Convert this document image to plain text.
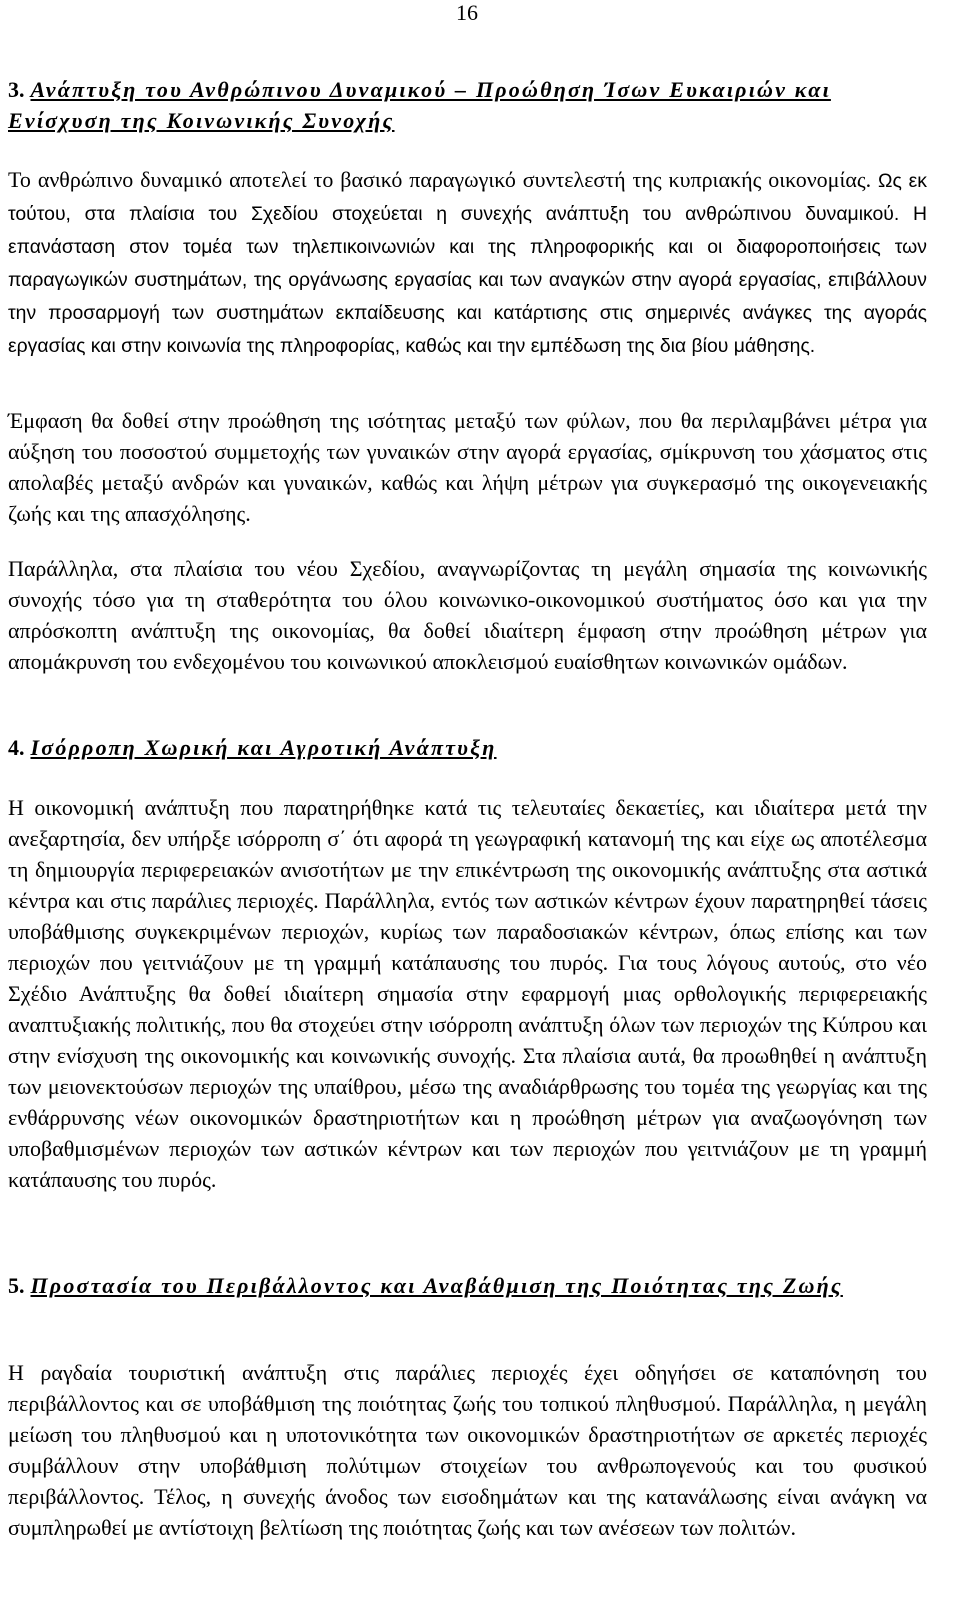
16
3. Ανάπτυξη του Ανθρώπινου Δυναμικού – Προώθηση Ίσων Ευκαιριών και Ενίσχυση της Κοινωνικής Συνοχής

Το ανθρώπινο δυναμικό αποτελεί το βασικό παραγωγικό συντελεστή της κυπριακής οικονομίας. Ως εκ τούτου, στα πλαίσια του Σχεδίου στοχεύεται η συνεχής ανάπτυξη του ανθρώπινου δυναμικού. Η επανάσταση στον τομέα των τηλεπικοινωνιών και της πληροφορικής και οι διαφοροποιήσεις των παραγωγικών συστημάτων, της οργάνωσης εργασίας και των αναγκών στην αγορά εργασίας, επιβάλλουν την προσαρμογή των συστημάτων εκπαίδευσης και κατάρτισης στις σημερινές ανάγκες της αγοράς εργασίας και στην κοινωνία της πληροφορίας, καθώς και την εμπέδωση της δια βίου μάθησης.

Έμφαση θα δοθεί στην προώθηση της ισότητας μεταξύ των φύλων, που θα περιλαμβάνει μέτρα για αύξηση του ποσοστού συμμετοχής των γυναικών στην αγορά εργασίας, σμίκρυνση του χάσματος στις απολαβές μεταξύ ανδρών και γυναικών, καθώς και λήψη μέτρων για συγκερασμό της οικογενειακής ζωής και της απασχόλησης.

Παράλληλα, στα πλαίσια του νέου Σχεδίου, αναγνωρίζοντας τη μεγάλη σημασία της κοινωνικής συνοχής τόσο για τη σταθερότητα του όλου κοινωνικο-οικονομικού συστήματος όσο και για την απρόσκοπτη ανάπτυξη της οικονομίας, θα δοθεί ιδιαίτερη έμφαση στην προώθηση μέτρων για απομάκρυνση του ενδεχομένου του κοινωνικού αποκλεισμού ευαίσθητων κοινωνικών ομάδων.

4. Ισόρροπη Χωρική και Αγροτική Ανάπτυξη

Η οικονομική ανάπτυξη που παρατηρήθηκε κατά τις τελευταίες δεκαετίες, και ιδιαίτερα μετά την ανεξαρτησία, δεν υπήρξε ισόρροπη σ΄ ότι αφορά τη γεωγραφική κατανομή της και είχε ως αποτέλεσμα τη δημιουργία περιφερειακών ανισοτήτων με την επικέντρωση της οικονομικής ανάπτυξης στα αστικά κέντρα και στις παράλιες περιοχές. Παράλληλα, εντός των αστικών κέντρων έχουν παρατηρηθεί τάσεις υποβάθμισης συγκεκριμένων περιοχών, κυρίως των παραδοσιακών κέντρων, όπως επίσης και των περιοχών που γειτνιάζουν με τη γραμμή κατάπαυσης του πυρός. Για τους λόγους αυτούς, στο νέο Σχέδιο Ανάπτυξης θα δοθεί ιδιαίτερη σημασία στην εφαρμογή μιας ορθολογικής περιφερειακής αναπτυξιακής πολιτικής, που θα στοχεύει στην ισόρροπη ανάπτυξη όλων των περιοχών της Κύπρου και στην ενίσχυση της οικονομικής και κοινωνικής συνοχής. Στα πλαίσια αυτά, θα προωθηθεί η ανάπτυξη των μειονεκτούσων περιοχών της υπαίθρου, μέσω της αναδιάρθρωσης του τομέα της γεωργίας και της ενθάρρυνσης νέων οικονομικών δραστηριοτήτων και η προώθηση μέτρων για αναζωογόνηση των υποβαθμισμένων περιοχών των αστικών κέντρων και των περιοχών που γειτνιάζουν με τη γραμμή κατάπαυσης του πυρός.

5. Προστασία του Περιβάλλοντος και Αναβάθμιση της Ποιότητας της Ζωής

Η ραγδαία τουριστική ανάπτυξη στις παράλιες περιοχές έχει οδηγήσει σε καταπόνηση του περιβάλλοντος και σε υποβάθμιση της ποιότητας ζωής του τοπικού πληθυσμού. Παράλληλα, η μεγάλη μείωση του πληθυσμού και η υποτονικότητα των οικονομικών δραστηριοτήτων σε αρκετές περιοχές συμβάλλουν στην υποβάθμιση πολύτιμων στοιχείων του ανθρωπογενούς και του φυσικού περιβάλλοντος. Τέλος, η συνεχής άνοδος των εισοδημάτων και της κατανάλωσης είναι ανάγκη να συμπληρωθεί με αντίστοιχη βελτίωση της ποιότητας ζωής και των ανέσεων των πολιτών.
